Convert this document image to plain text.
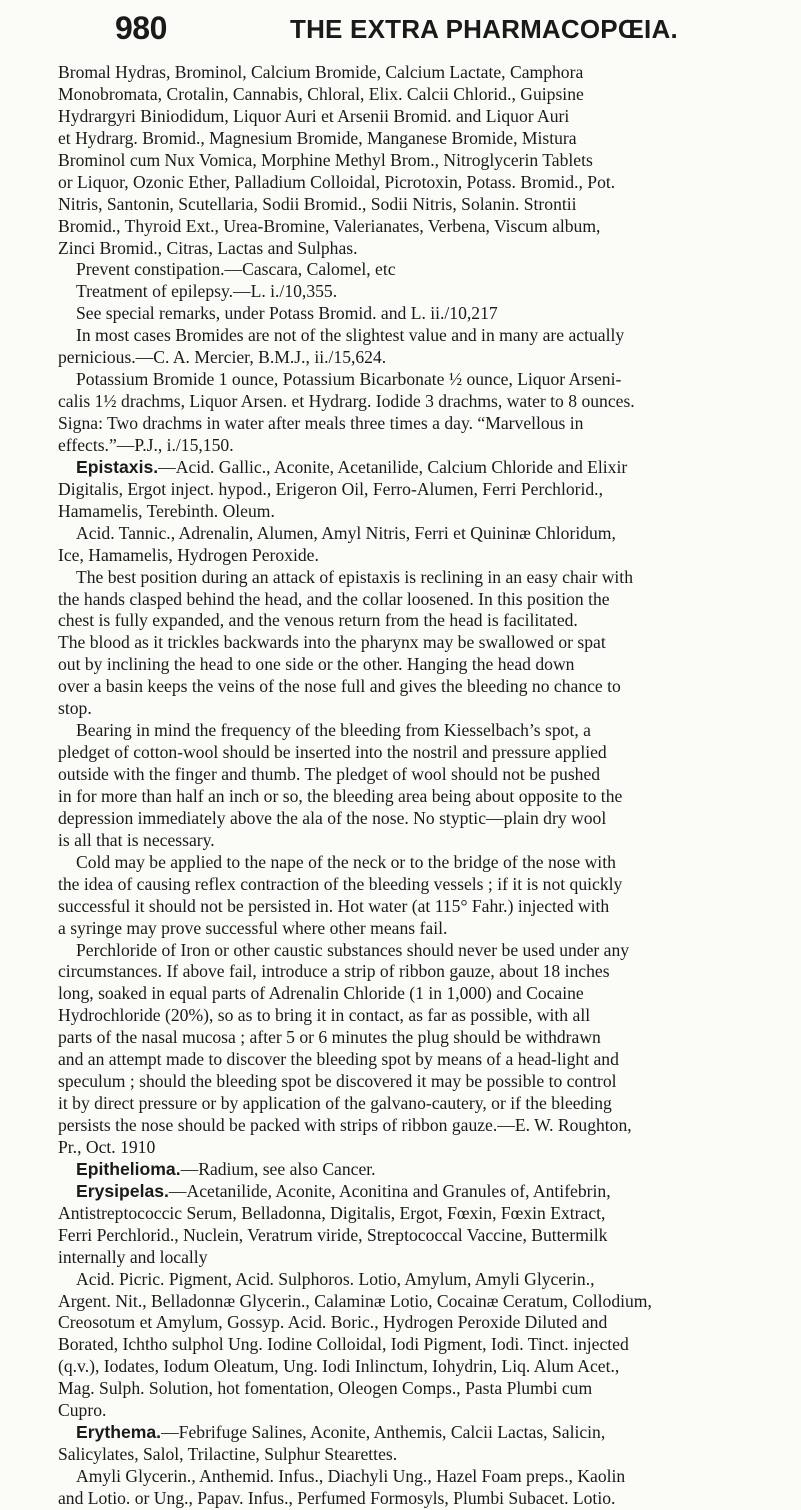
980	THE EXTRA PHARMACOPŒIA.
Bromal Hydras, Brominol, Calcium Bromide, Calcium Lactate, Camphora
Monobromata, Crotalin, Cannabis, Chloral, Elix. Calcii Chlorid., Guipsine
Hydrargyri Biniodidum, Liquor Auri et Arsenii Bromid. and Liquor Auri
et Hydrarg. Bromid., Magnesium Bromide, Manganese Bromide, Mistura
Brominol cum Nux Vomica, Morphine Methyl Brom., Nitroglycerin Tablets
or Liquor, Ozonic Ether, Palladium Colloidal, Picrotoxin, Potass. Bromid., Pot.
Nitris, Santonin, Scutellaria, Sodii Bromid., Sodii Nitris, Solanin. Strontii
Bromid., Thyroid Ext., Urea-Bromine, Valerianates, Verbena, Viscum album,
Zinci Bromid., Citras, Lactas and Sulphas.
Prevent constipation.—Cascara, Calomel, etc
Treatment of epilepsy.—L. i./10,355.
See special remarks, under Potass Bromid. and L. ii./10,217
In most cases Bromides are not of the slightest value and in many are actually
pernicious.—C. A. Mercier, B.M.J., ii./15,624.
Potassium Bromide 1 ounce, Potassium Bicarbonate ½ ounce, Liquor Arseni-
calis 1½ drachms, Liquor Arsen. et Hydrarg. Iodide 3 drachms, water to 8 ounces.
Signa: Two drachms in water after meals three times a day. “Marvellous in
effects.”—P.J., i./15,150.
Epistaxis.—Acid. Gallic., Aconite, Acetanilide, Calcium Chloride and Elixir
Digitalis, Ergot inject. hypod., Erigeron Oil, Ferro-Alumen, Ferri Perchlorid.,
Hamamelis, Terebinth. Oleum.
Acid. Tannic., Adrenalin, Alumen, Amyl Nitris, Ferri et Quininæ Chloridum,
Ice, Hamamelis, Hydrogen Peroxide.
The best position during an attack of epistaxis is reclining in an easy chair with
the hands clasped behind the head, and the collar loosened. In this position the
chest is fully expanded, and the venous return from the head is facilitated.
The blood as it trickles backwards into the pharynx may be swallowed or spat
out by inclining the head to one side or the other. Hanging the head down
over a basin keeps the veins of the nose full and gives the bleeding no chance to
stop.
Bearing in mind the frequency of the bleeding from Kiesselbach’s spot, a
pledget of cotton-wool should be inserted into the nostril and pressure applied
outside with the finger and thumb. The pledget of wool should not be pushed
in for more than half an inch or so, the bleeding area being about opposite to the
depression immediately above the ala of the nose. No styptic—plain dry wool
is all that is necessary.
Cold may be applied to the nape of the neck or to the bridge of the nose with
the idea of causing reflex contraction of the bleeding vessels ; if it is not quickly
successful it should not be persisted in. Hot water (at 115° Fahr.) injected with
a syringe may prove successful where other means fail.
Perchloride of Iron or other caustic substances should never be used under any
circumstances. If above fail, introduce a strip of ribbon gauze, about 18 inches
long, soaked in equal parts of Adrenalin Chloride (1 in 1,000) and Cocaine
Hydrochloride (20%), so as to bring it in contact, as far as possible, with all
parts of the nasal mucosa ; after 5 or 6 minutes the plug should be withdrawn
and an attempt made to discover the bleeding spot by means of a head-light and
speculum ; should the bleeding spot be discovered it may be possible to control
it by direct pressure or by application of the galvano-cautery, or if the bleeding
persists the nose should be packed with strips of ribbon gauze.—E. W. Roughton,
Pr., Oct. 1910
Epithelioma.—Radium, see also Cancer.
Erysipelas.—Acetanilide, Aconite, Aconitina and Granules of, Antifebrin,
Antistreptococcic Serum, Belladonna, Digitalis, Ergot, Fœxin, Fœxin Extract,
Ferri Perchlorid., Nuclein, Veratrum viride, Streptococcal Vaccine, Buttermilk
internally and locally
Acid. Picric. Pigment, Acid. Sulphoros. Lotio, Amylum, Amyli Glycerin.,
Argent. Nit., Belladonnæ Glycerin., Calaminæ Lotio, Cocainæ Ceratum, Collodium,
Creosotum et Amylum, Gossyp. Acid. Boric., Hydrogen Peroxide Diluted and
Borated, Ichtho sulphol Ung. Iodine Colloidal, Iodi Pigment, Iodi. Tinct. injected
(q.v.), Iodates, Iodum Oleatum, Ung. Iodi Inlinctum, Iohydrin, Liq. Alum Acet.,
Mag. Sulph. Solution, hot fomentation, Oleogen Comps., Pasta Plumbi cum
Cupro.
Erythema.—Febrifuge Salines, Aconite, Anthemis, Calcii Lactas, Salicin,
Salicylates, Salol, Trilactine, Sulphur Stearettes.
Amyli Glycerin., Anthemid. Infus., Diachyli Ung., Hazel Foam preps., Kaolin
and Lotio. or Ung., Papav. Infus., Perfumed Formosyls, Plumbi Subacet. Lotio.
